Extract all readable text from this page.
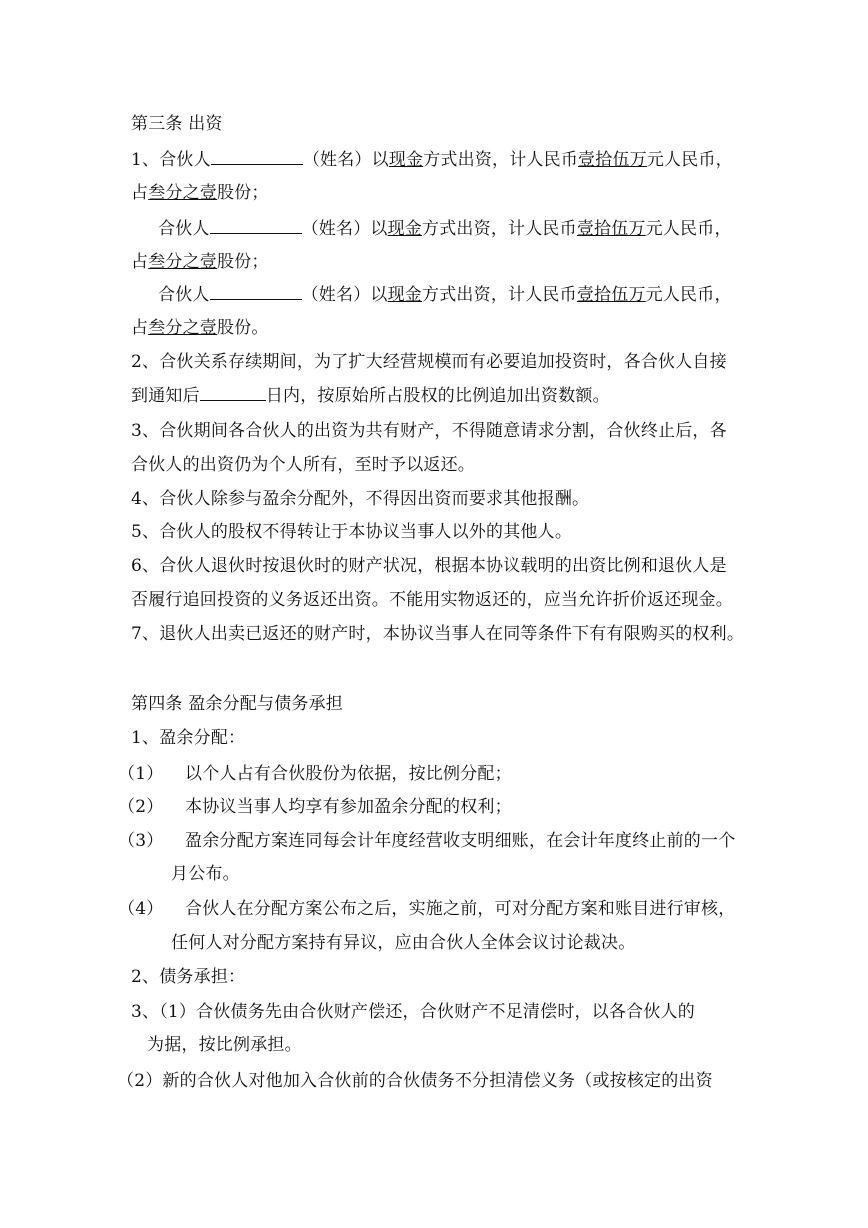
第三条 出资
1、合伙人	（姓名）以现金方式出资，计人民币壹拾伍万元人民币，
占叁分之壹股份；
合伙人	（姓名）以现金方式出资，计人民币壹拾伍万元人民币，
占叁分之壹股份；
合伙人	（姓名）以现金方式出资，计人民币壹拾伍万元人民币，
占叁分之壹股份。
2、合伙关系存续期间，为了扩大经营规模而有必要追加投资时，各合伙人自接
到通知后	日内，按原始所占股权的比例追加出资数额。
3、合伙期间各合伙人的出资为共有财产，不得随意请求分割，合伙终止后，各
合伙人的出资仍为个人所有，至时予以返还。
4、合伙人除参与盈余分配外，不得因出资而要求其他报酬。
5、合伙人的股权不得转让于本协议当事人以外的其他人。
6、合伙人退伙时按退伙时的财产状况，根据本协议载明的出资比例和退伙人是
否履行追回投资的义务返还出资。不能用实物返还的，应当允许折价返还现金。
7、退伙人出卖已返还的财产时，本协议当事人在同等条件下有有限购买的权利。
第四条 盈余分配与债务承担
1、盈余分配：
（1） 以个人占有合伙股份为依据，按比例分配；
（2） 本协议当事人均享有参加盈余分配的权利；
（3） 盈余分配方案连同每会计年度经营收支明细账，在会计年度终止前的一个
月公布。
（4） 合伙人在分配方案公布之后，实施之前，可对分配方案和账目进行审核，
任何人对分配方案持有异议，应由合伙人全体会议讨论裁决。
2、债务承担：
3、（1）合伙债务先由合伙财产偿还，合伙财产不足清偿时，以各合伙人的
为据，按比例承担。
（2）新的合伙人对他加入合伙前的合伙债务不分担清偿义务（或按核定的出资
